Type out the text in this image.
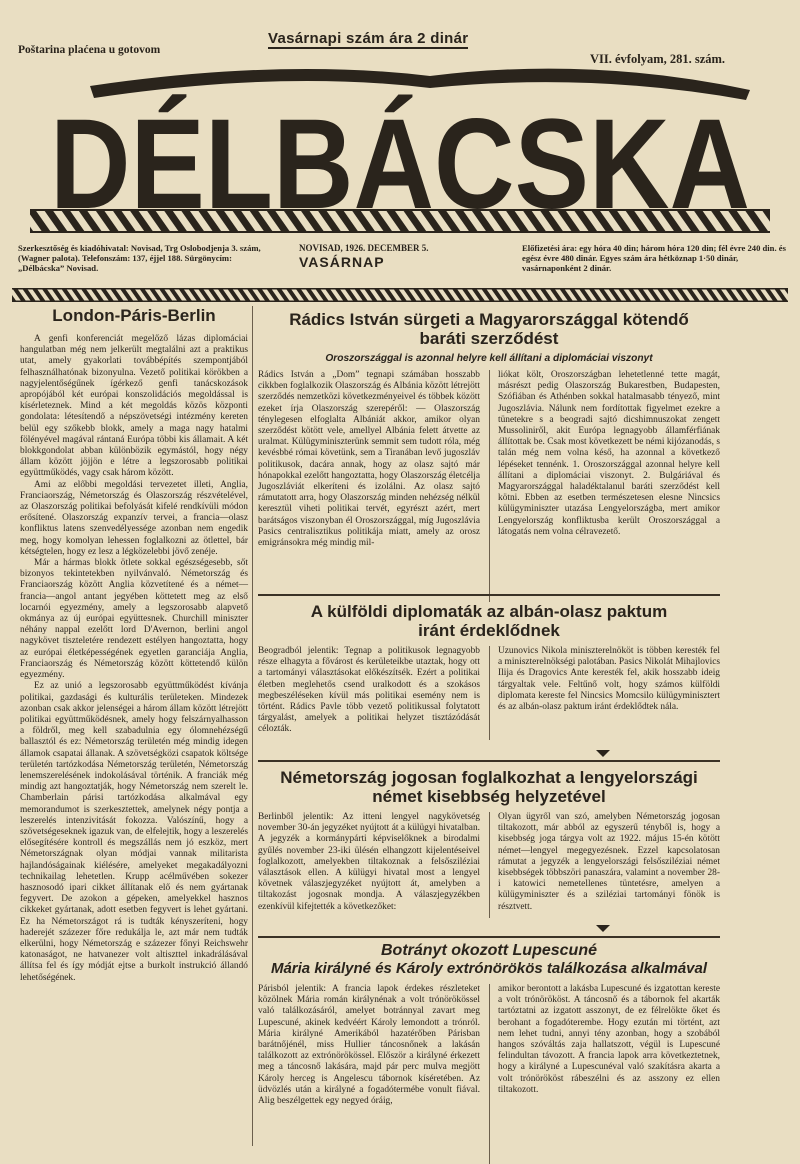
Poštarina plaćena u gotovom
Vasárnapi szám ára 2 dinár
VII. évfolyam, 281. szám.
DÉLBÁCSKA
Szerkesztőség és kiadóhivatal: Novisad, Trg Oslobodjenja 3. szám, (Wagner palota). Telefonszám: 137, éjjel 188. Sürgönycím: „Délbácska” Novisad.
NOVISAD, 1926. DECEMBER 5.
VASÁRNAP
Előfizetési ára: egy hóra 40 din; három hóra 120 din; fél évre 240 din. és egész évre 480 dinár. Egyes szám ára hétköznap 1·50 dinár, vasárnaponként 2 dinár.
London-Páris-Berlin

A genfi konferenciát megelőző lázas diplomáciai hangulatban még nem jelkerült megtalálni azt a praktikus utat, amely gyakorlati továbbépítés szempontjából felhasználhatónak bizonyulna. Vezető politikai körökben a nagyjelentőségűnek ígérkező genfi tanácskozások apropójából két európai konszolidációs megoldással is kísérleteznek. Mind a két megoldás közös központi gondolata: létesítendő a népszövetségi intézmény kereten belül egy szőkebb blokk, amely a maga nagy hatalmi fölényével magával rántaná Európa többi kis államait. A két blokkgondolat abban különbözik egymástól, hogy négy állam között jöjjön e létre a legszorosabb politikai együttműködés, vagy csak három között.

Ami az előbbi megoldási tervezetet illeti, Anglia, Franciaország, Németország és Olaszország részvételével, az Olaszország politikai befolyását kifelé rendkívüli módon erősítené. Olaszország expanzív tervei, a francia—olasz konfliktus latens szenvedélyessége azonban nem engedik meg, hogy komolyan lehessen foglalkozni az ötlettel, bár kétségtelen, hogy ez lesz a légközelebbi jövő zenéje.

Már a hármas blokk ötlete sokkal egészségesebb, sőt bizonyos tekintetekben nyilvánvaló. Németország és Franciaország között Anglia közvetítené és a német—francia—angol antant jegyében köttetett meg az első locarnói egyezmény, amely a legszorosabb alapvető okmánya az új európai együttesnek. Churchill miniszter néhány nappal ezelőtt lord D'Avernon, berlini angol nagykövet tiszteletére rendezett estélyen hangoztatta, hogy az európai életképességének egyetlen garanciája Anglia, Franciaország és Németország között köttetendő külön egyezmény.

Ez az unió a legszorosabb együttműködést kívánja politikai, gazdasági és kulturális területeken. Mindezek azonban csak akkor jelenségei a három állam között létrejött politikai együttműködésnek, amely hogy felszárnyalhasson a földről, meg kell szabadulnia egy ólomnehézségű ballasztól és ez: Németország területén még mindig idegen államok csapatai állanak. A szövetségközi csapatok költsége területén tartózkodása Németország területén, Németország lenemszerelésének indokolásával történik. A franciák még mindig azt hangoztatják, hogy Németország nem szerelt le. Chamberlain párisi tartózkodása alkalmával egy memorandumot is szerkesztettek, amelynek négy pontja a leszerelés intenzivitását fokozza. Valószínű, hogy a szövetségeseknek igazuk van, de elfelejtik, hogy a leszerelés elősegítésére kontroll és megszállás nem jó eszköz, mert Németországnak olyan módjai vannak militarista hajlandóságainak kiélésére, amelyeket megakadályozni technikailag lehetetlen. Krupp acélművében sokezer hasznosodó ipari cikket állítanak elő és nem gyártanak fegyvert. De azokon a gépeken, amelyekkel hasznos cikkeket gyártanak, adott esetben fegyvert is lehet gyártani. Ez ha Németországot rá is tudták kényszeríteni, hogy haderejét százezer főre redukálja le, azt már nem tudták elkerülni, hogy Németország e százezer főnyi Reichswehr katonaságot, ne hatvanezer volt altiszttel inkadrálásával állítsa fel és így módját ejtse a burkolt instrukció állandó lehetőségének.

Rádics István sürgeti a Magyarországgal kötendő baráti szerződést
Oroszországgal is azonnal helyre kell állítani a diplomáciai viszonyt
Rádics István a „Dom” tegnapi számában hosszabb cikkben foglalkozik Olaszország és Albánia között létrejött szerződés nemzetközi következményeivel és többek között ezeket írja Olaszország szerepéről: — Olaszország ténylegesen elfoglalta Albániát akkor, amikor olyan szerződést kötött vele, amellyel Albánia felett átvette az uralmat. Külügyminiszterünk semmit sem tudott róla, még kevésbbé római követünk, sem a Tiranában levő jugoszláv politikusok, dacára annak, hogy az olasz sajtó már hónapokkal ezelőtt hangoztatta, hogy Olaszország életcélja Jugoszláviát elkeríteni és izolálni. Az olasz sajtó rámutatott arra, hogy Olaszország minden nehézség nélkül keresztül viheti politikai tervét, egyrészt azért, mert barátságos viszonyban él Oroszországgal, míg Jugoszlávia Pasics centralisztikus politikája miatt, amely az orosz emigránsokra még mindig mil-
liókat költ, Oroszországban lehetetlenné tette magát, másrészt pedig Olaszország Bukarestben, Budapesten, Szófiában és Athénben sokkal hatalmasabb tényező, mint Jugoszlávia. Nálunk nem fordítottak figyelmet ezekre a tünetekre s a beogradi sajtó dicshimnuszokat zengett Mussoliniről, akit Európa legnagyobb államférfiának állítottak be. Csak most következett be némi kijózanodás, s talán még nem volna késő, ha azonnal a következő lépéseket tennénk. 1. Oroszországgal azonnal helyre kell állítani a diplomáciai viszonyt. 2. Bulgáriával és Magyarországgal haladéktalanul baráti szerződést kell kötni. Ebben az esetben természetesen elesne Nincsics külügyminiszter utazása Lengyelországba, mert amikor Lengyelország konfliktusba került Oroszországgal a látogatás nem volna célravezető.
A külföldi diplomaták az albán-olasz paktum iránt érdeklődnek
Beogradból jelentik: Tegnap a politikusok legnagyobb része elhagyta a fővárost és kerületeikbe utaztak, hogy ott a tartományi választásokat előkészítsék. Ezért a politikai életben meglehetős csend uralkodott és a szokásos megbeszéléseken kívül más politikai esemény nem is történt. Rádics Pavle több vezető politikussal folytatott tárgyalást, amelyek a politikai helyzet tisztázódását célozták.
Uzunovics Nikola miniszterelnököt is többen keresték fel a miniszterelnökségi palotában. Pasics Nikolát Mihajlovics Ilija és Dragovics Ante keresték fel, akik hosszabb ideig tárgyaltak vele. Feltűnő volt, hogy számos külföldi diplomata kereste fel Nincsics Momcsilo külügyminisztert és az albán-olasz paktum iránt érdeklődtek nála.
Németország jogosan foglalkozhat a lengyelországi német kisebbség helyzetével
Berlinből jelentik: Az itteni lengyel nagykövetség november 30-án jegyzéket nyújtott át a külügyi hivatalban. A jegyzék a kormánypárti képviselőknek a birodalmi gyűlés november 23-iki ülésén elhangzott kijelentéseivel foglalkozott, amelyekben tiltakoznak a felsősziléziai választások ellen. A külügyi hivatal most a lengyel követnek válaszjegyzéket nyújtott át, amelyben a tiltakozást jogosnak mondja. A válaszjegyzékben ezenkívül kifejtették a következőket:
Olyan ügyről van szó, amelyben Németország jogosan tiltakozott, már abból az egyszerű tényből is, hogy a kisebbség joga tárgya volt az 1922. május 15-én kötött német—lengyel megegyezésnek. Ezzel kapcsolatosan rámutat a jegyzék a lengyelországi felsősziléziai német kisebbségek többszöri panaszára, valamint a november 28-i katowici nemetellenes tüntetésre, amelyen a külügyminiszter és a sziléziai tartományi fönök is résztvett.
Botrányt okozott Lupescuné
Mária királyné és Károly extrónörökös találkozása alkalmával
Párisból jelentik: A francia lapok érdekes részleteket közölnek Mária román királynénak a volt trónörökössel való találkozásáról, amelyet botránnyal zavart meg Lupescuné, akinek kedvéért Károly lemondott a trónról. Mária királyné Amerikából hazatérőben Párisban barátnőjénél, miss Hullier táncosnőnek a lakásán találkozott az extrónörökössel. Először a királyné érkezett meg a táncosnő lakására, majd pár perc mulva megjött Károly herceg is Angelescu tábornok kíséretében. Az üdvözlés után a királyné a fogadótermébe vonult fiával. Alig beszélgettek egy negyed óráig,
amikor berontott a lakásba Lupescuné és izgatottan kereste a volt trónörököst. A táncosnő és a tábornok fel akarták tartóztatni az izgatott asszonyt, de ez félrelökte őket és berohant a fogadóterembe. Hogy ezután mi történt, azt nem lehet tudni, annyi tény azonban, hogy a szobából hangos szóváltás zaja hallatszott, végül is Lupescuné felindultan távozott. A francia lapok arra következtetnek, hogy a királyné a Lupescunéval való szakításra akarta a volt trónörököst rábeszélni és az asszony ez ellen tiltakozott.
